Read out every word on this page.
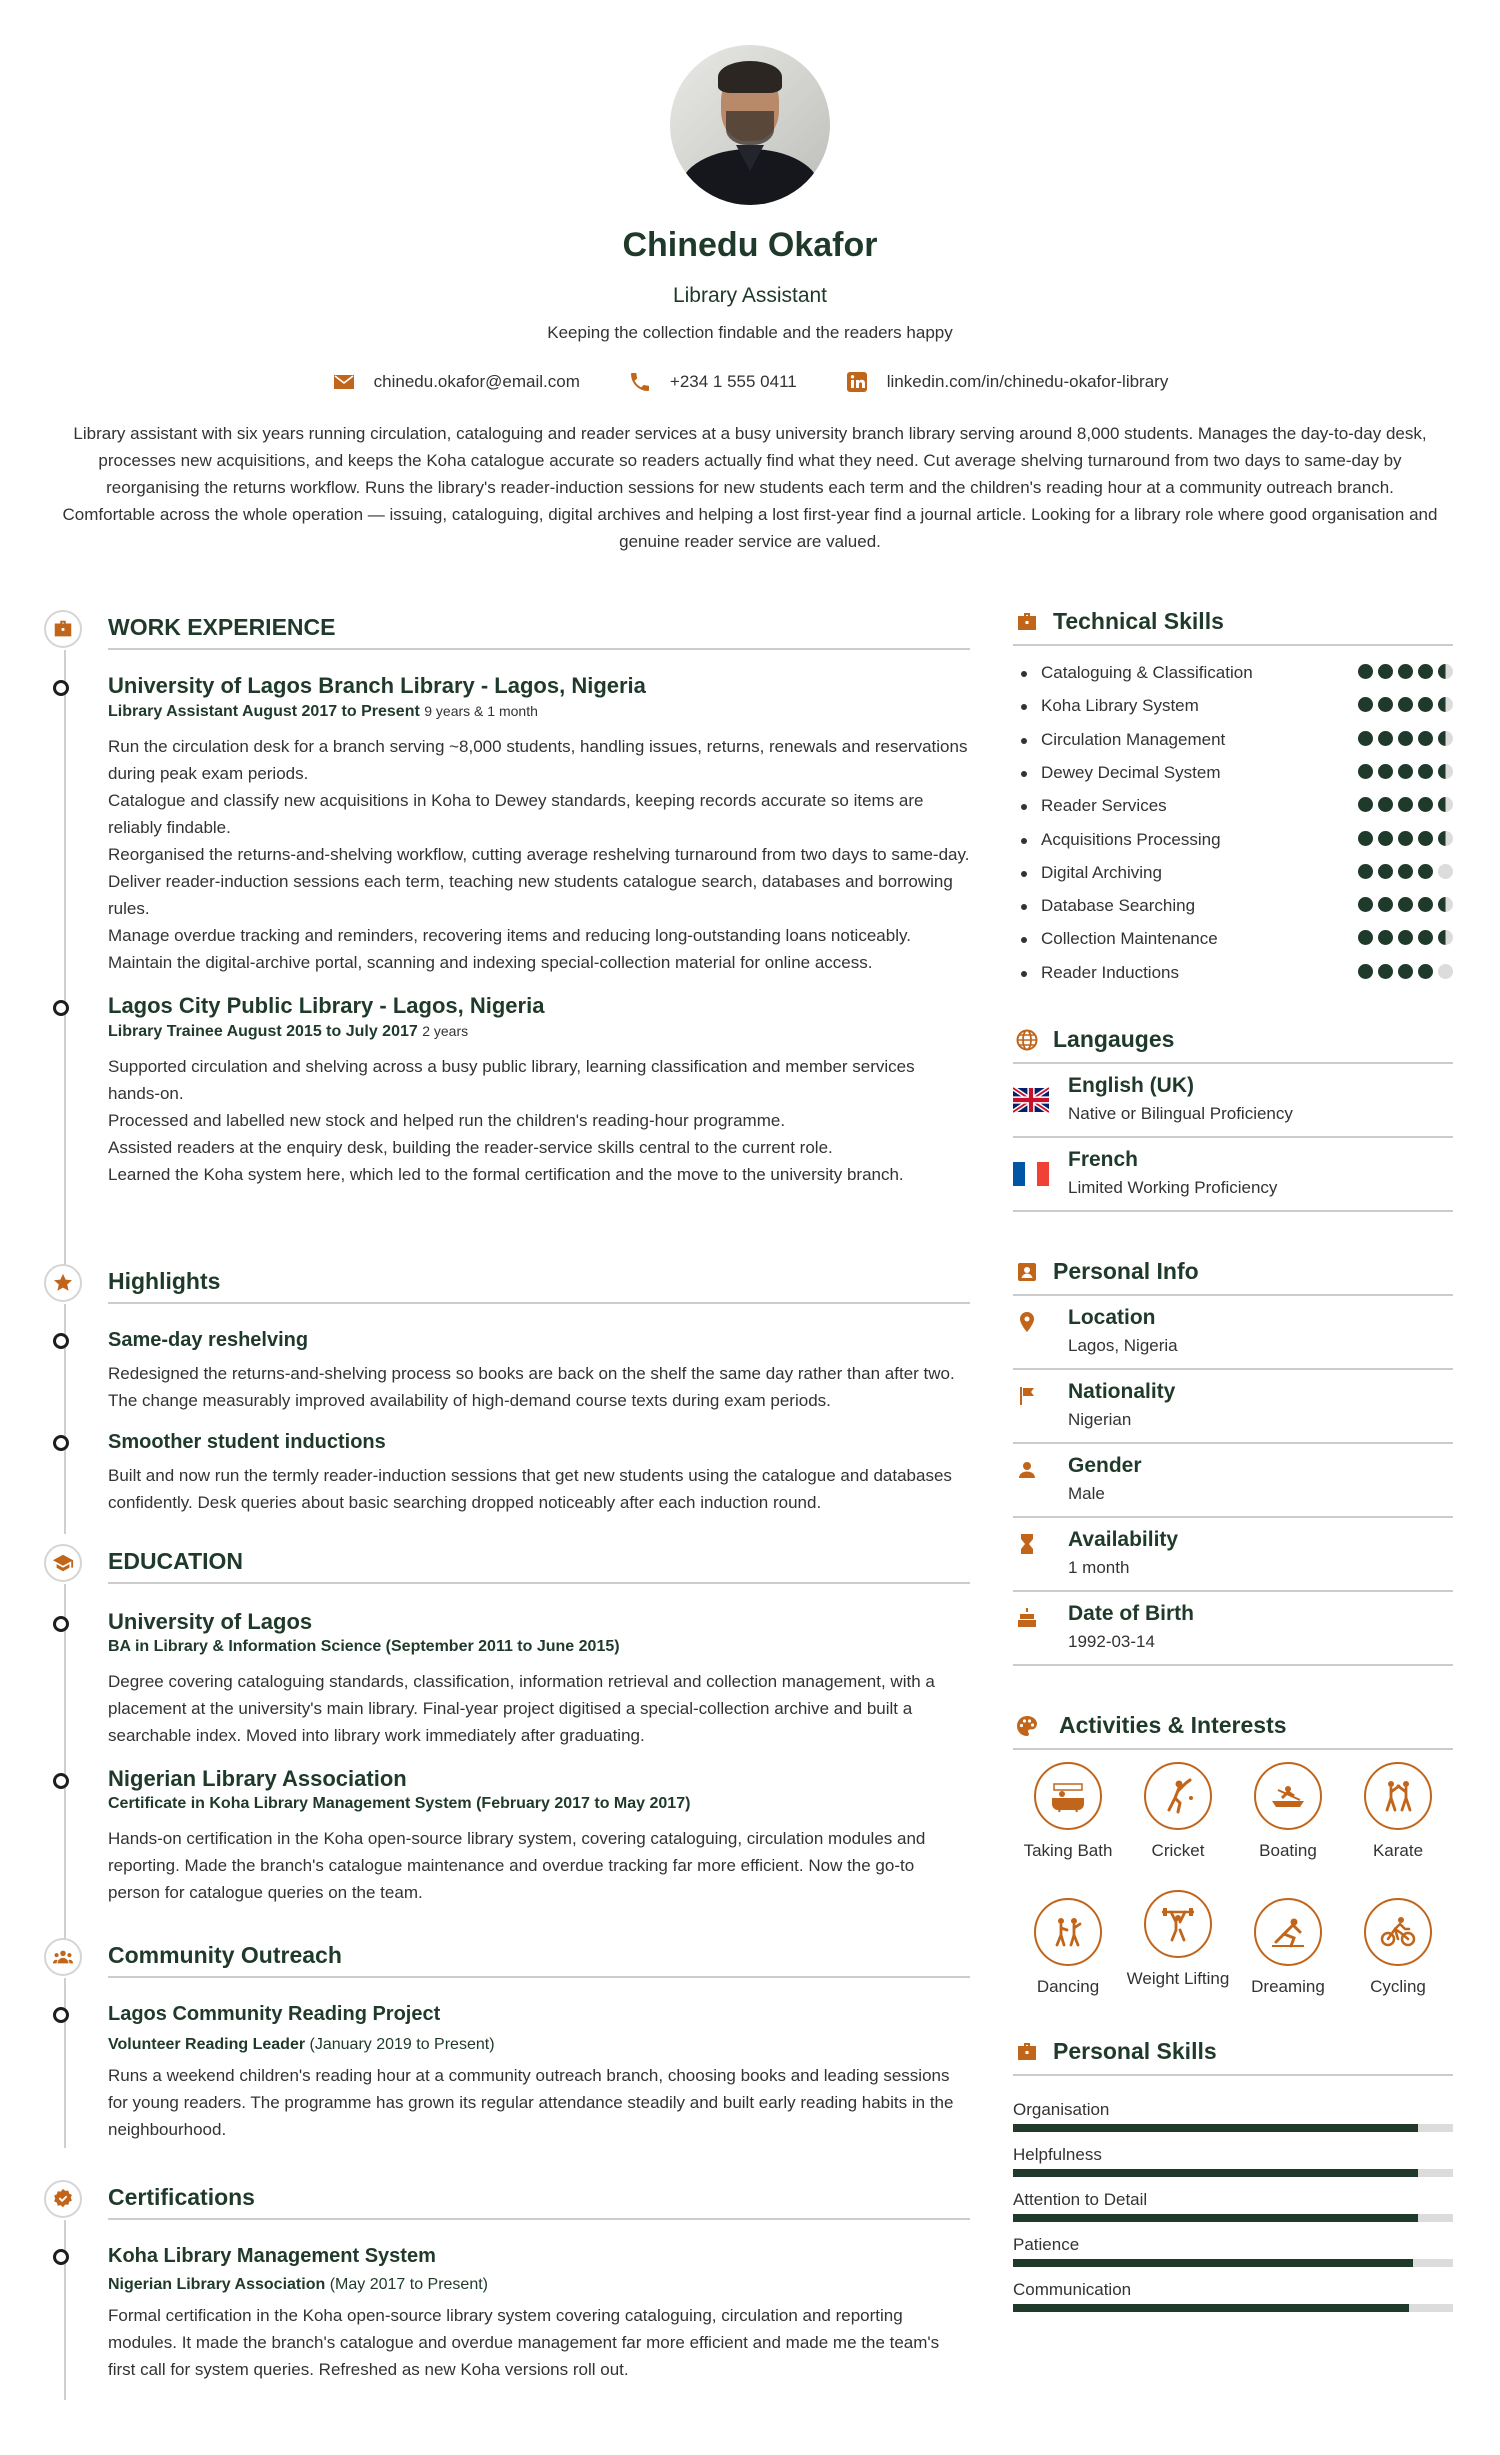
Chinedu Okafor
Library Assistant
Keeping the collection findable and the readers happy
chinedu.okafor@email.com	+234 1 555 0411	linkedin.com/in/chinedu-okafor-library
Library assistant with six years running circulation, cataloguing and reader services at a busy university branch library serving around 8,000 students. Manages the day-to-day desk, processes new acquisitions, and keeps the Koha catalogue accurate so readers actually find what they need. Cut average shelving turnaround from two days to same-day by reorganising the returns workflow. Runs the library's reader-induction sessions for new students each term and the children's reading hour at a community outreach branch. Comfortable across the whole operation — issuing, cataloguing, digital archives and helping a lost first-year find a journal article. Looking for a library role where good organisation and genuine reader service are valued.
WORK EXPERIENCE
University of Lagos Branch Library - Lagos, Nigeria
Library Assistant August 2017 to Present 9 years & 1 month

Run the circulation desk for a branch serving ~8,000 students, handling issues, returns, renewals and reservations during peak exam periods.

Catalogue and classify new acquisitions in Koha to Dewey standards, keeping records accurate so items are reliably findable.

Reorganised the returns-and-shelving workflow, cutting average reshelving turnaround from two days to same-day.

Deliver reader-induction sessions each term, teaching new students catalogue search, databases and borrowing rules.

Manage overdue tracking and reminders, recovering items and reducing long-outstanding loans noticeably.

Maintain the digital-archive portal, scanning and indexing special-collection material for online access.

Lagos City Public Library - Lagos, Nigeria
Library Trainee August 2015 to July 2017 2 years

Supported circulation and shelving across a busy public library, learning classification and member services hands-on.

Processed and labelled new stock and helped run the children's reading-hour programme.

Assisted readers at the enquiry desk, building the reader-service skills central to the current role.

Learned the Koha system here, which led to the formal certification and the move to the university branch.

Highlights
Same-day reshelving
Redesigned the returns-and-shelving process so books are back on the shelf the same day rather than after two. The change measurably improved availability of high-demand course texts during exam periods.
Smoother student inductions
Built and now run the termly reader-induction sessions that get new students using the catalogue and databases confidently. Desk queries about basic searching dropped noticeably after each induction round.
EDUCATION
University of Lagos
BA in Library & Information Science (September 2011 to June 2015)
Degree covering cataloguing standards, classification, information retrieval and collection management, with a placement at the university's main library. Final-year project digitised a special-collection archive and built a searchable index. Moved into library work immediately after graduating.
Nigerian Library Association
Certificate in Koha Library Management System (February 2017 to May 2017)
Hands-on certification in the Koha open-source library system, covering cataloguing, circulation modules and reporting. Made the branch's catalogue maintenance and overdue tracking far more efficient. Now the go-to person for catalogue queries on the team.
Community Outreach
Lagos Community Reading Project
Volunteer Reading Leader (January 2019 to Present)
Runs a weekend children's reading hour at a community outreach branch, choosing books and leading sessions for young readers. The programme has grown its regular attendance steadily and built early reading habits in the neighbourhood.
Certifications
Koha Library Management System
Nigerian Library Association (May 2017 to Present)
Formal certification in the Koha open-source library system covering cataloguing, circulation and reporting modules. It made the branch's catalogue and overdue management far more efficient and made me the team's first call for system queries. Refreshed as new Koha versions roll out.
Technical Skills
Cataloguing & Classification
Koha Library System
Circulation Management
Dewey Decimal System
Reader Services
Acquisitions Processing
Digital Archiving
Database Searching
Collection Maintenance
Reader Inductions
Langauges
English (UK)
Native or Bilingual Proficiency
French
Limited Working Proficiency
Personal Info
Location
Lagos, Nigeria
Nationality
Nigerian
Gender
Male
Availability
1 month
Date of Birth
1992-03-14
Activities & Interests
Taking Bath	Cricket	Boating	Karate
Dancing	Weight Lifting	Dreaming	Cycling
Personal Skills
Organisation
Helpfulness
Attention to Detail
Patience
Communication
